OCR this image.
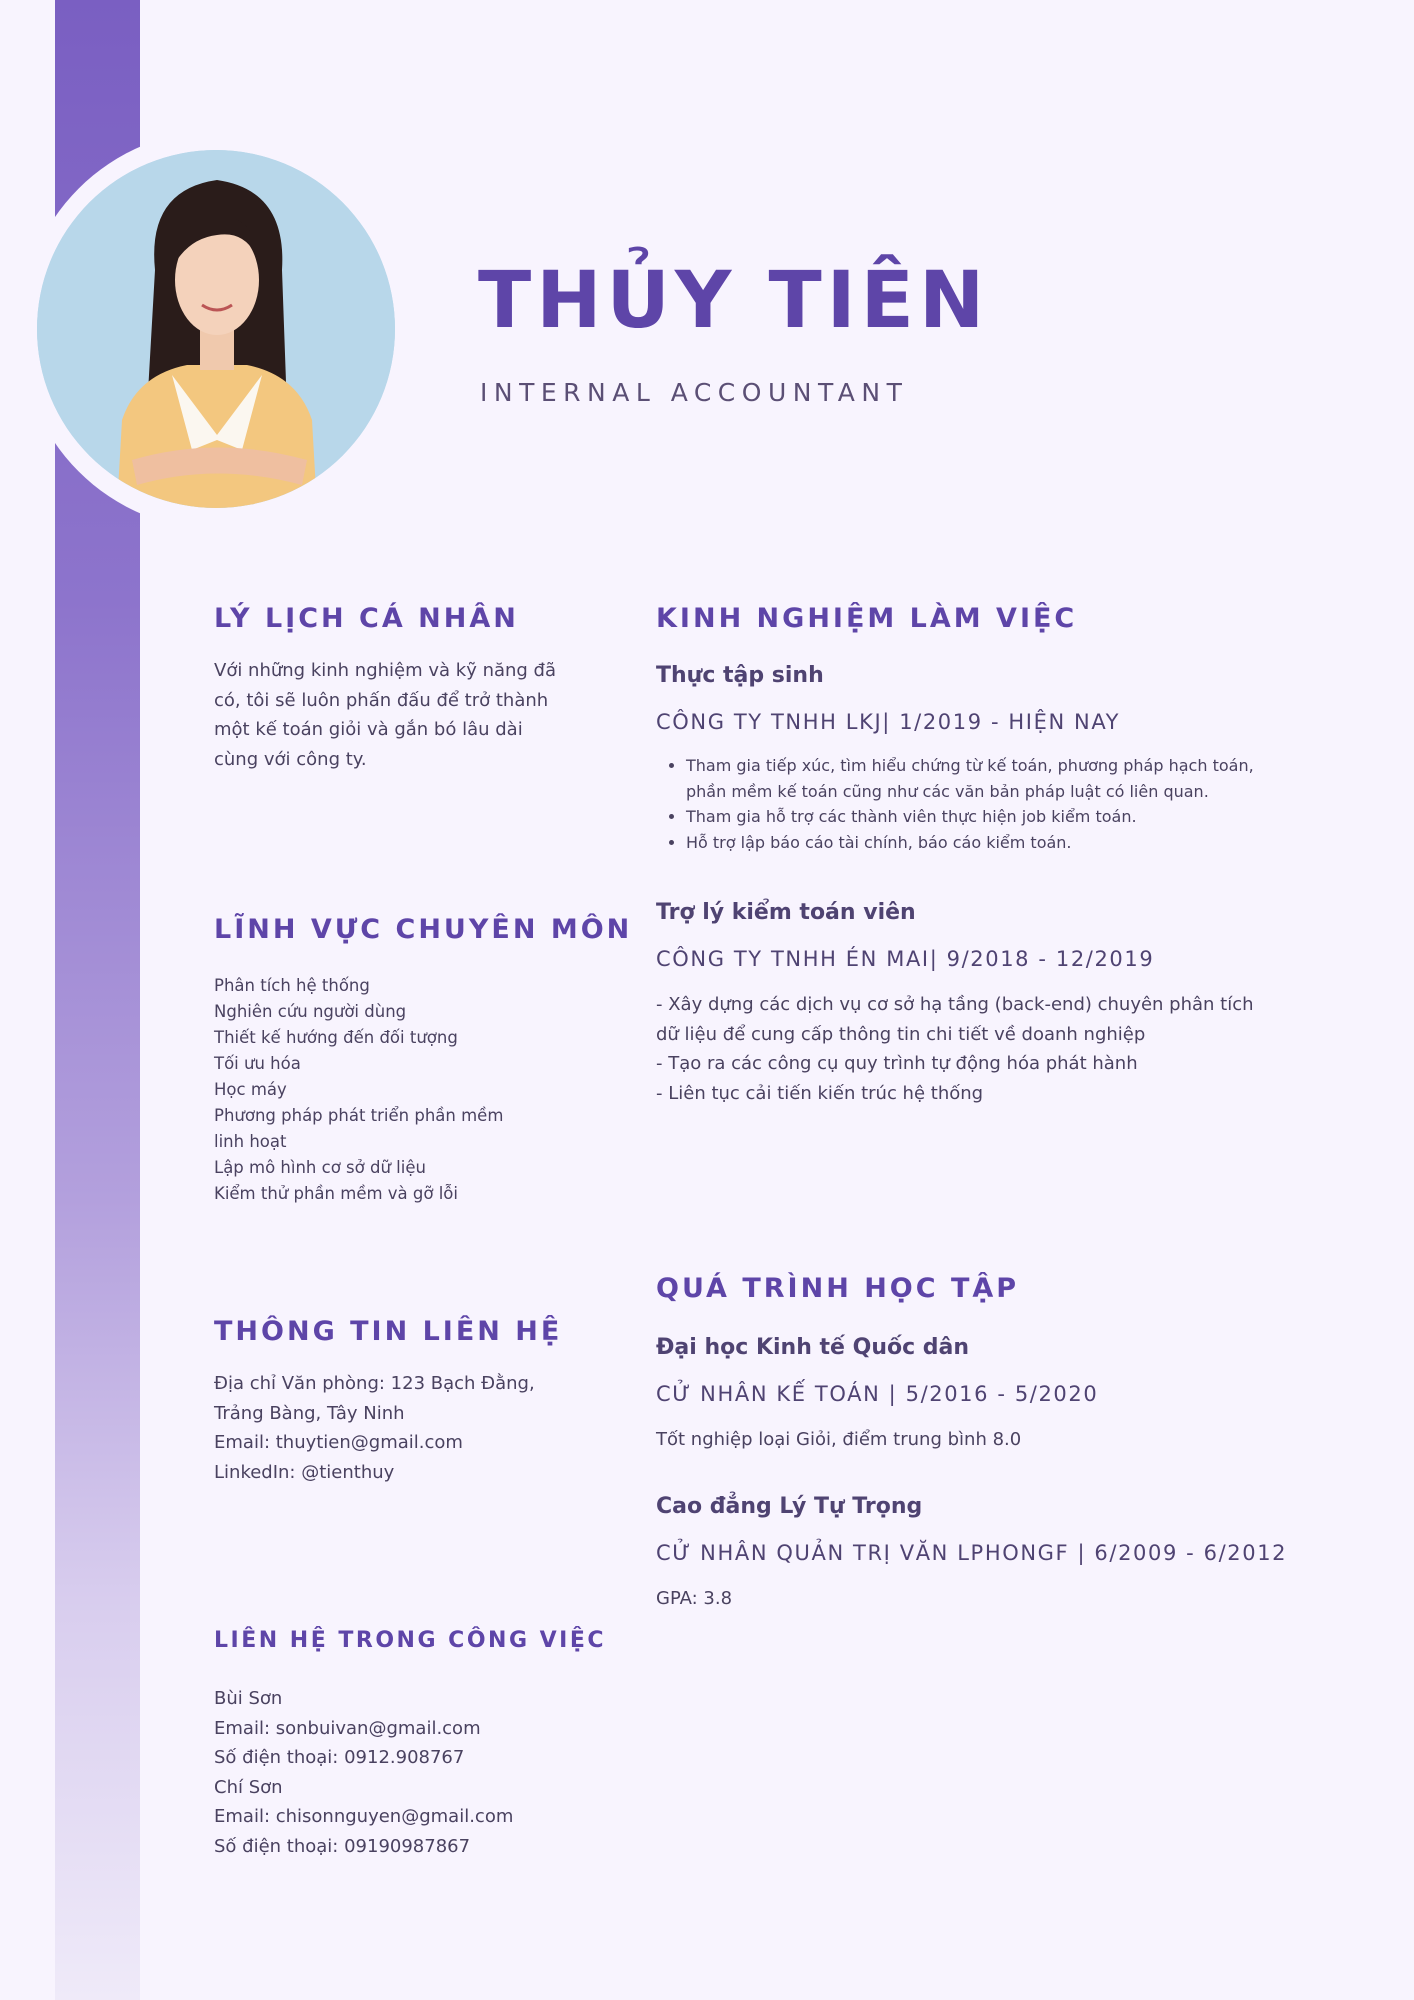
THỦY TIÊN
INTERNAL ACCOUNTANT
LÝ LỊCH CÁ NHÂN
Với những kinh nghiệm và kỹ năng đã
có, tôi sẽ luôn phấn đấu để trở thành
một kế toán giỏi và gắn bó lâu dài
cùng với công ty.
LĨNH VỰC CHUYÊN MÔN
Phân tích hệ thống
Nghiên cứu người dùng
Thiết kế hướng đến đối tượng
Tối ưu hóa
Học máy
Phương pháp phát triển phần mềm
linh hoạt
Lập mô hình cơ sở dữ liệu
Kiểm thử phần mềm và gỡ lỗi
THÔNG TIN LIÊN HỆ
Địa chỉ Văn phòng: 123 Bạch Đằng,
Trảng Bàng, Tây Ninh
Email: thuytien@gmail.com
LinkedIn: @tienthuy
LIÊN HỆ TRONG CÔNG VIỆC
Bùi Sơn
Email: sonbuivan@gmail.com
Số điện thoại: 0912.908767
Chí Sơn
Email: chisonnguyen@gmail.com
Số điện thoại: 09190987867
KINH NGHIỆM LÀM VIỆC
Thực tập sinh
CÔNG TY TNHH LKJ| 1/2019 - HIỆN NAY
• Tham gia tiếp xúc, tìm hiểu chứng từ kế toán, phương pháp hạch toán,
phần mềm kế toán cũng như các văn bản pháp luật có liên quan.
• Tham gia hỗ trợ các thành viên thực hiện job kiểm toán.
• Hỗ trợ lập báo cáo tài chính, báo cáo kiểm toán.
Trợ lý kiểm toán viên
CÔNG TY TNHH ÉN MAI| 9/2018 - 12/2019
- Xây dựng các dịch vụ cơ sở hạ tầng (back-end) chuyên phân tích
dữ liệu để cung cấp thông tin chi tiết về doanh nghiệp
- Tạo ra các công cụ quy trình tự động hóa phát hành
- Liên tục cải tiến kiến trúc hệ thống
QUÁ TRÌNH HỌC TẬP
Đại học Kinh tế Quốc dân
CỬ NHÂN KẾ TOÁN | 5/2016 - 5/2020
Tốt nghiệp loại Giỏi, điểm trung bình 8.0
Cao đẳng Lý Tự Trọng
CỬ NHÂN QUẢN TRỊ VĂN LPHONGF | 6/2009 - 6/2012
GPA: 3.8
